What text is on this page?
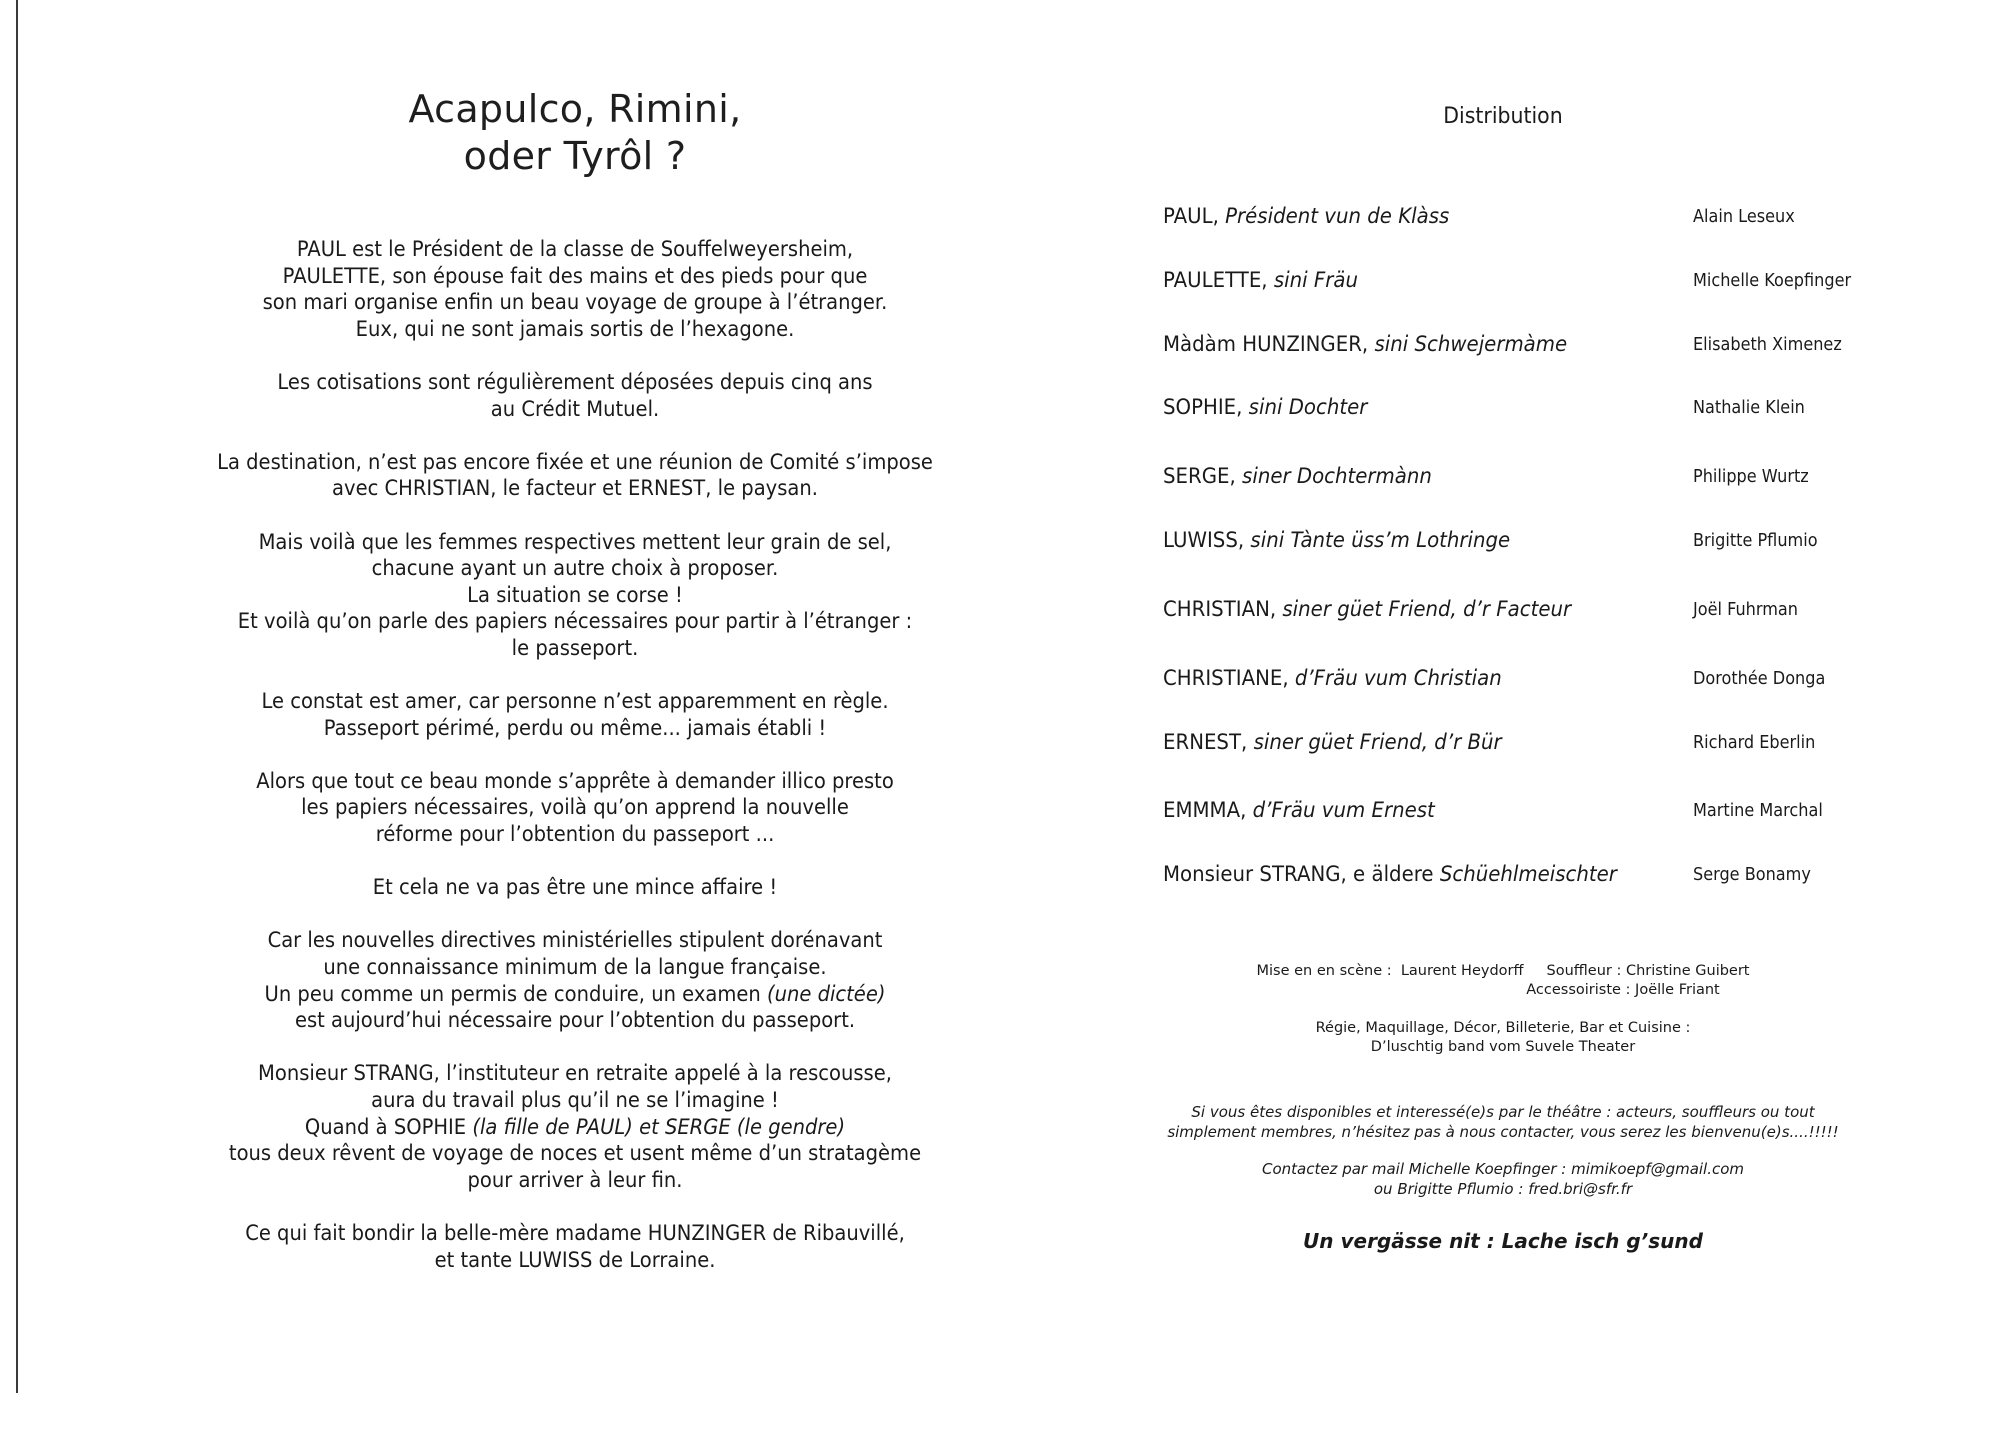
Acapulco, Rimini,
oder Tyrôl ?
PAUL est le Président de la classe de Souffelweyersheim,
PAULETTE, son épouse fait des mains et des pieds pour que
son mari organise enfin un beau voyage de groupe à l’étranger.
Eux, qui ne sont jamais sortis de l’hexagone.
Les cotisations sont régulièrement déposées depuis cinq ans
au Crédit Mutuel.
La destination, n’est pas encore fixée et une réunion de Comité s’impose
avec CHRISTIAN, le facteur et ERNEST, le paysan.
Mais voilà que les femmes respectives mettent leur grain de sel,
chacune ayant un autre choix à proposer.
La situation se corse !
Et voilà qu’on parle des papiers nécessaires pour partir à l’étranger :
le passeport.
Le constat est amer, car personne n’est apparemment en règle.
Passeport périmé, perdu ou même... jamais établi !
Alors que tout ce beau monde s’apprête à demander illico presto
les papiers nécessaires, voilà qu’on apprend la nouvelle
réforme pour l’obtention du passeport ...
Et cela ne va pas être une mince affaire !
Car les nouvelles directives ministérielles stipulent dorénavant
une connaissance minimum de la langue française.
Un peu comme un permis de conduire, un examen (une dictée)
est aujourd’hui nécessaire pour l’obtention du passeport.
Monsieur STRANG, l’instituteur en retraite appelé à la rescousse,
aura du travail plus qu’il ne se l’imagine !
Quand à SOPHIE (la fille de PAUL) et SERGE (le gendre)
tous deux rêvent de voyage de noces et usent même d’un stratagème
pour arriver à leur fin.
Ce qui fait bondir la belle-mère madame HUNZINGER de Ribauvillé,
et tante LUWISS de Lorraine.
Distribution
PAUL, Président vun de Klàss	Alain Leseux
PAULETTE, sini Fräu	Michelle Koepfinger
Màdàm HUNZINGER, sini Schwejermàme	Elisabeth Ximenez
SOPHIE, sini Dochter	Nathalie Klein
SERGE, siner Dochtermànn	Philippe Wurtz
LUWISS, sini Tànte üss’m Lothringe	Brigitte Pflumio
CHRISTIAN, siner güet Friend, d’r Facteur	Joël Fuhrman
CHRISTIANE, d’Fräu vum Christian	Dorothée Donga
ERNEST, siner güet Friend, d’r Bür	Richard Eberlin
EMMMA, d’Fräu vum Ernest	Martine Marchal
Monsieur STRANG, e äldere Schüehlmeischter	Serge Bonamy
Mise en en scène :  Laurent Heydorff     Souffleur : Christine Guibert
Accessoiriste : Joëlle Friant
Régie, Maquillage, Décor, Billeterie, Bar et Cuisine :
D’luschtig band vom Suvele Theater
Si vous êtes disponibles et interessé(e)s par le théâtre : acteurs, souffleurs ou tout
simplement membres, n’hésitez pas à nous contacter, vous serez les bienvenu(e)s....!!!!!
Contactez par mail Michelle Koepfinger : mimikoepf@gmail.com
ou Brigitte Pflumio : fred.bri@sfr.fr
Un vergässe nit : Lache isch g’sund
